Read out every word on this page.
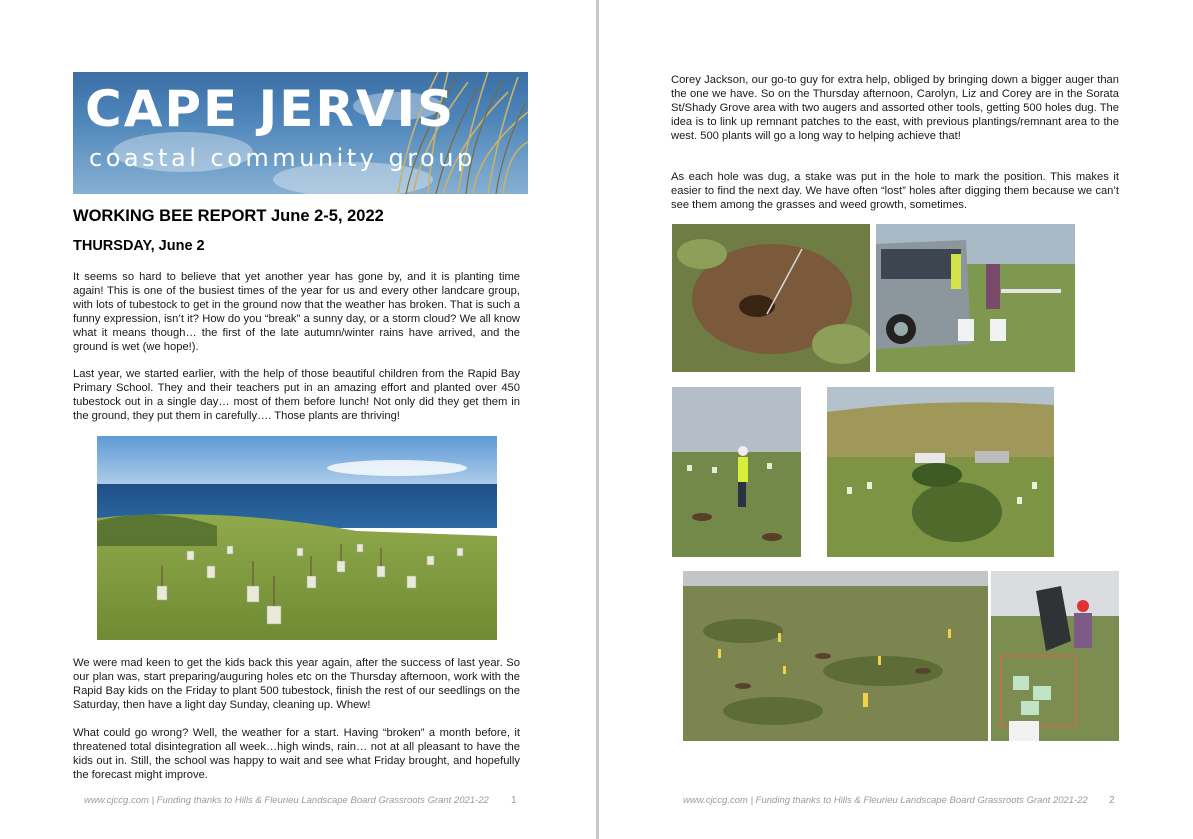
CAPE JERVIS
coastal community group
WORKING BEE REPORT June 2-5, 2022
THURSDAY, June 2

It seems so hard to believe that yet another year has gone by, and it is planting time again! This is one of the busiest times of the year for us and every other landcare group, with lots of tubestock to get in the ground now that the weather has broken. That is such a funny expression, isn’t it? How do you “break” a sunny day, or a storm cloud? We all know what it means though… the first of the late autumn/winter rains have arrived, and the ground is wet (we hope!).

Last year, we started earlier, with the help of those beautiful children from the Rapid Bay Primary School. They and their teachers put in an amazing effort and planted over 450 tubestock out in a single day… most of them before lunch! Not only did they get them in the ground, they put them in carefully…. Those plants are thriving!

We were mad keen to get the kids back this year again, after the success of last year. So our plan was, start preparing/auguring holes etc on the Thursday afternoon, work with the Rapid Bay kids on the Friday to plant 500 tubestock, finish the rest of our seedlings on the Saturday, then have a light day Sunday, cleaning up. Whew!

What could go wrong? Well, the weather for a start. Having “broken” a month before, it threatened total disintegration all week…high winds, rain… not at all pleasant to have the kids out in. Still, the school was happy to wait and see what Friday brought, and hopefully the forecast might improve.

www.cjccg.com | Funding thanks to Hills & Fleurieu Landscape Board Grassroots Grant 2021-22 1

Corey Jackson, our go-to guy for extra help, obliged by bringing down a bigger auger than the one we have. So on the Thursday afternoon, Carolyn, Liz and Corey are in the Sorata St/Shady Grove area with two augers and assorted other tools, getting 500 holes dug. The idea is to link up remnant patches to the east, with previous plantings/remnant area to the west. 500 plants will go a long way to helping achieve that!

As each hole was dug, a stake was put in the hole to mark the position. This makes it easier to find the next day. We have often “lost” holes after digging them because we can’t see them among the grasses and weed growth, sometimes.

www.cjccg.com | Funding thanks to Hills & Fleurieu Landscape Board Grassroots Grant 2021-22 2
